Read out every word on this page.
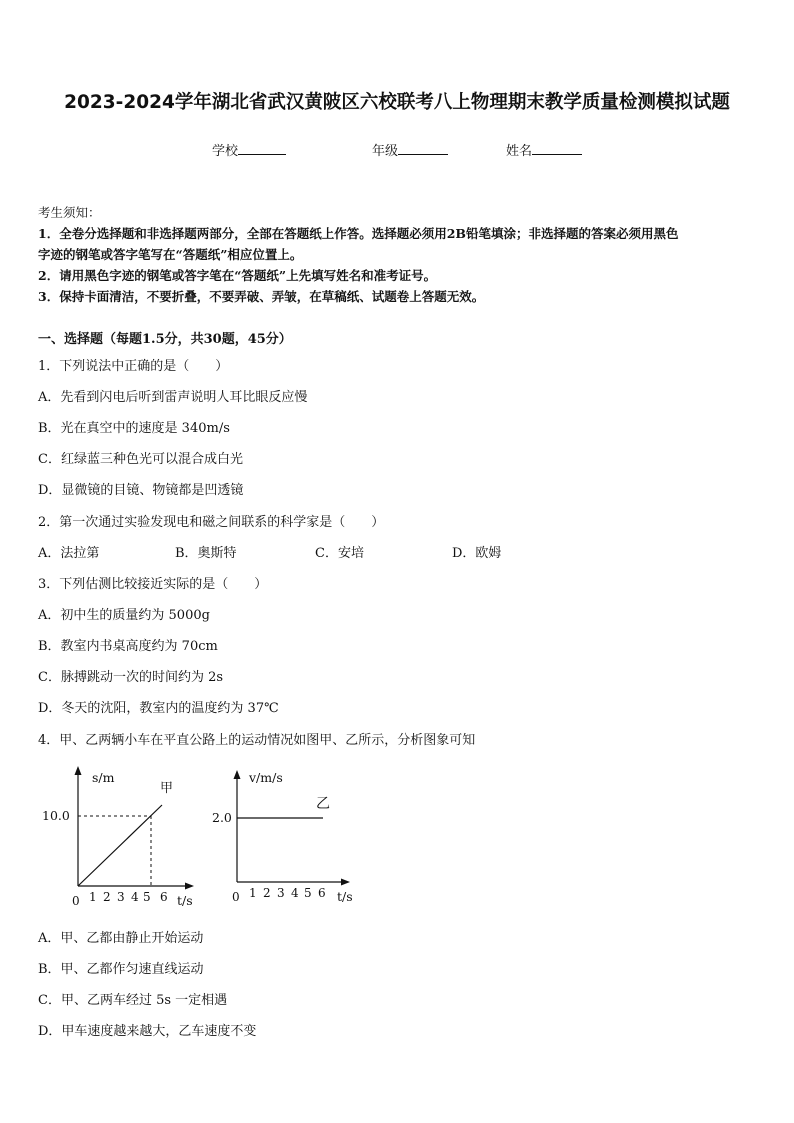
2023-2024学年湖北省武汉黄陂区六校联考八上物理期末教学质量检测模拟试题
学校	年级	姓名
考生须知：
1．全卷分选择题和非选择题两部分，全部在答题纸上作答。选择题必须用2B铅笔填涂；非选择题的答案必须用黑色
字迹的钢笔或答字笔写在“答题纸”相应位置上。
2．请用黑色字迹的钢笔或答字笔在“答题纸”上先填写姓名和准考证号。
3．保持卡面清洁，不要折叠，不要弄破、弄皱，在草稿纸、试题卷上答题无效。
一、选择题（每题1.5分，共30题，45分）
1．下列说法中正确的是（　　）
A．先看到闪电后听到雷声说明人耳比眼反应慢
B．光在真空中的速度是 340m/s
C．红绿蓝三种色光可以混合成白光
D．显微镜的目镜、物镜都是凹透镜
2．第一次通过实验发现电和磁之间联系的科学家是（　　）
A．法拉第	B．奥斯特	C．安培	D．欧姆
3．下列估测比较接近实际的是（　　）
A．初中生的质量约为 5000g
B．教室内书桌高度约为 70cm
C．脉搏跳动一次的时间约为 2s
D．冬天的沈阳，教室内的温度约为 37℃
4．甲、乙两辆小车在平直公路上的运动情况如图甲、乙所示，分析图象可知
s/m
10.0
甲
0 1 2 3 4 5 6 t/s
v/m/s
2.0
乙
0 1 2 3 4 5 6 t/s
A．甲、乙都由静止开始运动
B．甲、乙都作匀速直线运动
C．甲、乙两车经过 5s 一定相遇
D．甲车速度越来越大，乙车速度不变
